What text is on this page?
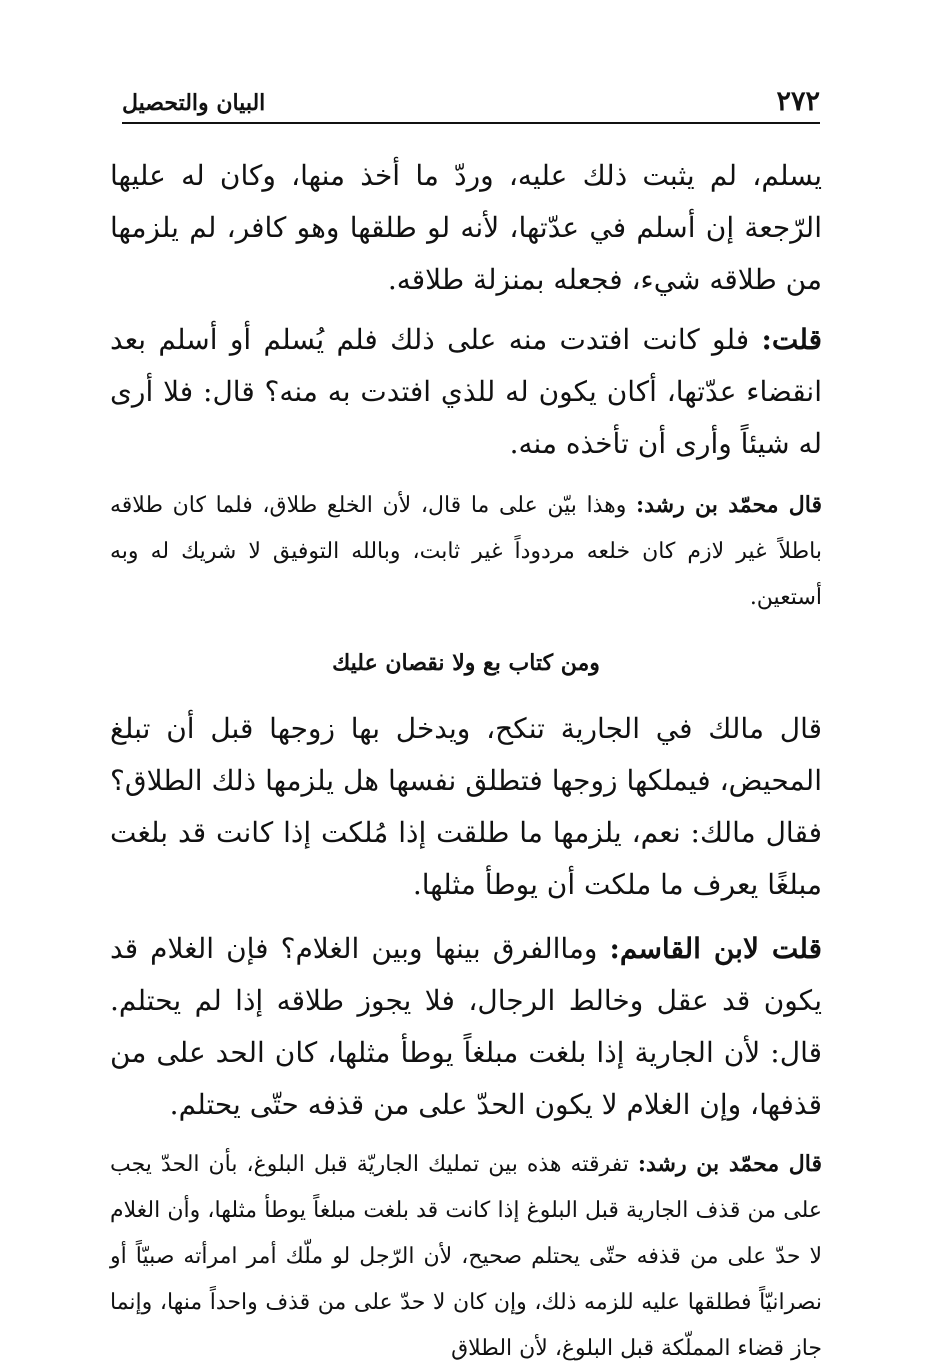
٢٧٢
البيان والتحصيل

يسلم، لم يثبت ذلك عليه، وردّ ما أخذ منها، وكان له عليها الرّجعة إن أسلم في عدّتها، لأنه لو طلقها وهو كافر، لم يلزمها من طلاقه شيء، فجعله بمنزلة طلاقه.

قلت: فلو كانت افتدت منه على ذلك فلم يُسلم أو أسلم بعد انقضاء عدّتها، أكان يكون له للذي افتدت به منه؟ قال: فلا أرى له شيئاً وأرى أن تأخذه منه.

قال محمّد بن رشد: وهذا بيّن على ما قال، لأن الخلع طلاق، فلما كان طلاقه باطلاً غير لازم كان خلعه مردوداً غير ثابت، وبالله التوفيق لا شريك له وبه أستعين.

ومن كتاب بع ولا نقصان عليك

قال مالك في الجارية تنكح، ويدخل بها زوجها قبل أن تبلغ المحيض، فيملكها زوجها فتطلق نفسها هل يلزمها ذلك الطلاق؟ فقال مالك: نعم، يلزمها ما طلقت إذا مُلكت إذا كانت قد بلغت مبلغًا يعرف ما ملكت أن يوطأ مثلها.

قلت لابن القاسم: وماالفرق بينها وبين الغلام؟ فإن الغلام قد يكون قد عقل وخالط الرجال، فلا يجوز طلاقه إذا لم يحتلم. قال: لأن الجارية إذا بلغت مبلغاً يوطأ مثلها، كان الحد على من قذفها، وإن الغلام لا يكون الحدّ على من قذفه حتّى يحتلم.

قال محمّد بن رشد: تفرقته هذه بين تمليك الجاريّة قبل البلوغ، بأن الحدّ يجب على من قذف الجارية قبل البلوغ إذا كانت قد بلغت مبلغاً يوطأ مثلها، وأن الغلام لا حدّ على من قذفه حتّى يحتلم صحيح، لأن الرّجل لو ملّك أمر امرأته صبيّاً أو نصرانيّاً فطلقها عليه للزمه ذلك، وإن كان لا حدّ على من قذف واحداً منها، وإنما جاز قضاء المملّكة قبل البلوغ، لأن الطلاق
